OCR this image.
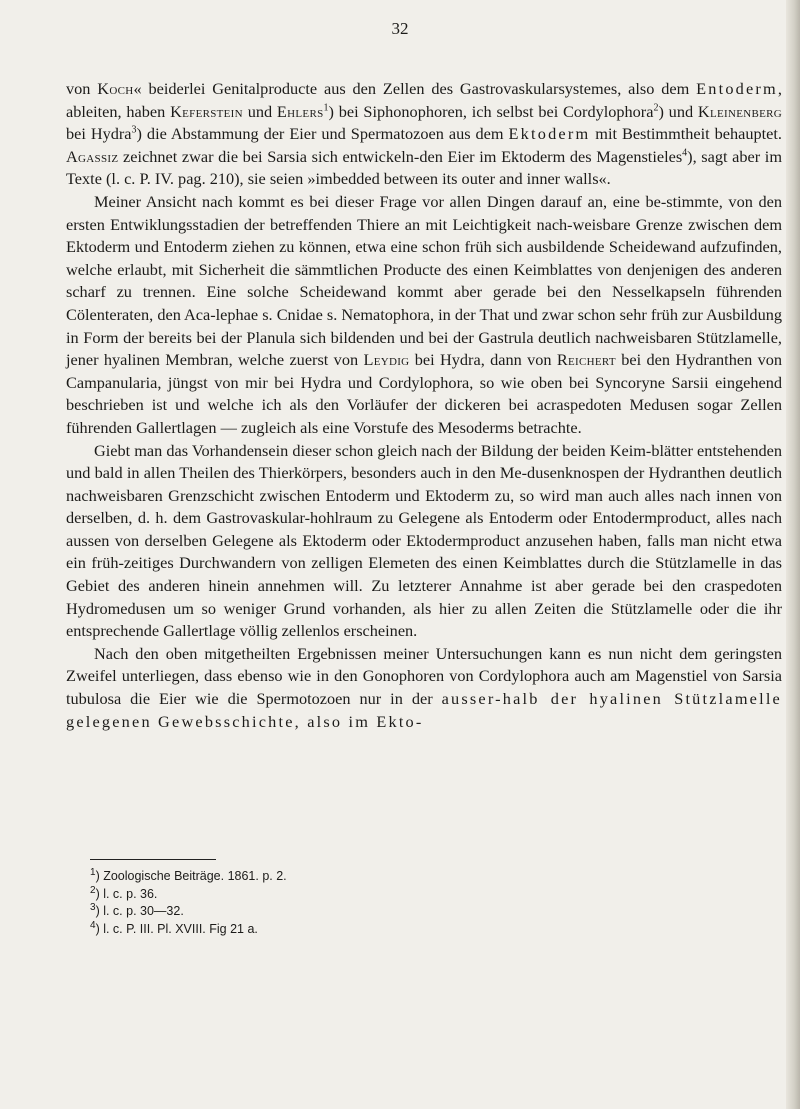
32

von Koch« beiderlei Genitalproducte aus den Zellen des Gastrovaskularsystemes, also dem Entoderm, ableiten, haben Keferstein und Ehlers$^1$) bei Siphonophoren, ich selbst bei Cordylophora$^2$) und Kleinenberg bei Hydra$^3$) die Abstammung der Eier und Spermatozoen aus dem Ektoderm mit Bestimmtheit behauptet. Agassiz zeichnet zwar die bei Sarsia sich entwickeln-den Eier im Ektoderm des Magenstieles$^4$), sagt aber im Texte (l. c. P. IV. pag. 210), sie seien »imbedded betwееn its outer and inner walls«.

Meiner Ansicht nach kommt es bei dieser Frage vor allen Dingen darauf an, eine be-stimmte, von den ersten Entwiklungsstadien der betreffenden Thiere an mit Leichtigkeit nach-weisbare Grenze zwischen dem Ektoderm und Entoderm ziehen zu können, etwa eine schon früh sich ausbildende Scheidewand aufzufinden, welche erlaubt, mit Sicherheit die sämmtlichen Producte des einen Keimblattes von denjenigen des anderen scharf zu trennen. Eine solche Scheidewand kommt aber gerade bei den Nesselkapseln führenden Cölenteraten, den Aca-lephae s. Cnidae s. Nematophora, in der That und zwar schon sehr früh zur Ausbildung in Form der bereits bei der Planula sich bildenden und bei der Gastrula deutlich nachweisbaren Stützlamelle, jener hyalinen Membran, welche zuerst von Leydig bei Hydra, dann von Reichert bei den Hydranthen von Campanularia, jüngst von mir bei Hydra und Cordylophora, so wie oben bei Syncoryne Sarsii eingehend beschrieben ist und welche ich als den Vorläufer der dickeren bei acraspedoten Medusen sogar Zellen führenden Gallertlagen — zugleich als eine Vorstufe des Mesoderms betrachte.

Giebt man das Vorhandensein dieser schon gleich nach der Bildung der beiden Keim-blätter entstehenden und bald in allen Theilen des Thierkörpers, besonders auch in den Me-dusenknospen der Hydranthen deutlich nachweisbaren Grenzschicht zwischen Entoderm und Ektoderm zu, so wird man auch alles nach innen von derselben, d. h. dem Gastrovaskular-hohlraum zu Gelegene als Entoderm oder Entodermproduct, alles nach aussen von derselben Gelegene als Ektoderm oder Ektodermproduct anzusehen haben, falls man nicht etwa ein früh-zeitiges Durchwandern von zelligen Elemeten des einen Keimblattes durch die Stützlamelle in das Gebiet des anderen hinein annehmen will. Zu letzterer Annahme ist aber gerade bei den craspedoten Hydromedusen um so weniger Grund vorhanden, als hier zu allen Zeiten die Stützlamelle oder die ihr entsprechende Gallertlage völlig zellenlos erscheinen.

Nach den oben mitgetheilten Ergebnissen meiner Untersuchungen kann es nun nicht dem geringsten Zweifel unterliegen, dass ebenso wie in den Gonophoren von Cordylophora auch am Magenstiel von Sarsia tubulosa die Eier wie die Spermotozoen nur in der ausser-halb der hyalinen Stützlamelle gelegenen Gewebsschichte, also im Ekto-

$^1$) Zoologische Beiträge. 1861. p. 2.
$^2$) l. c. p. 36.
$^3$) l. c. p. 30—32.
$^4$) l. c. P. III. Pl. XVIII. Fig 21 a.
